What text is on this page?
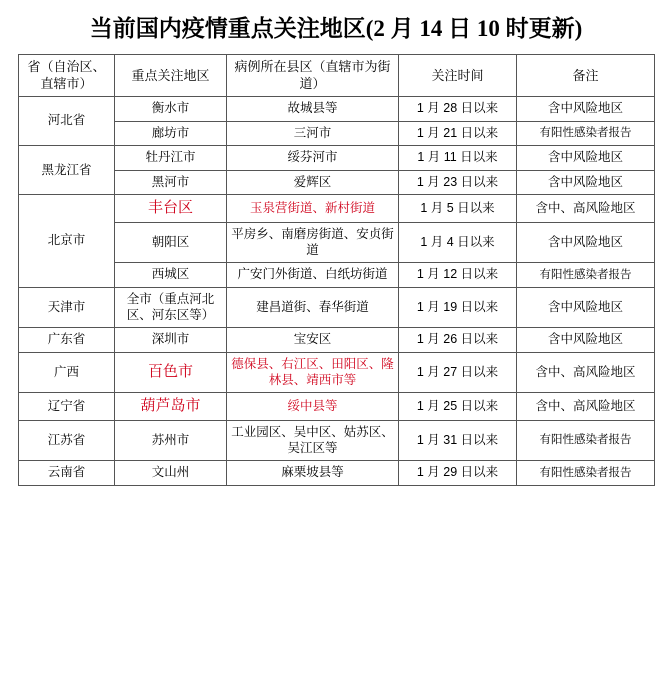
当前国内疫情重点关注地区(2 月 14 日 10 时更新)
省（自治区、直辖市）	重点关注地区	病例所在县区（直辖市为街道）	关注时间	备注
河北省	衡水市	故城县等	1 月 28 日以来	含中风险地区
	廊坊市	三河市	1 月 21 日以来	有阳性感染者报告
黑龙江省	牡丹江市	绥芬河市	1 月 11 日以来	含中风险地区
	黑河市	爱辉区	1 月 23 日以来	含中风险地区
北京市	丰台区	玉泉营街道、新村街道	1 月 5 日以来	含中、高风险地区
	朝阳区	平房乡、南磨房街道、安贞街道	1 月 4 日以来	含中风险地区
	西城区	广安门外街道、白纸坊街道	1 月 12 日以来	有阳性感染者报告
天津市	全市（重点河北区、河东区等）	建昌道街、春华街道	1 月 19 日以来	含中风险地区
广东省	深圳市	宝安区	1 月 26 日以来	含中风险地区
广西	百色市	德保县、右江区、田阳区、隆林县、靖西市等	1 月 27 日以来	含中、高风险地区
辽宁省	葫芦岛市	绥中县等	1 月 25 日以来	含中、高风险地区
江苏省	苏州市	工业园区、吴中区、姑苏区、吴江区等	1 月 31 日以来	有阳性感染者报告
云南省	文山州	麻栗坡县等	1 月 29 日以来	有阳性感染者报告
